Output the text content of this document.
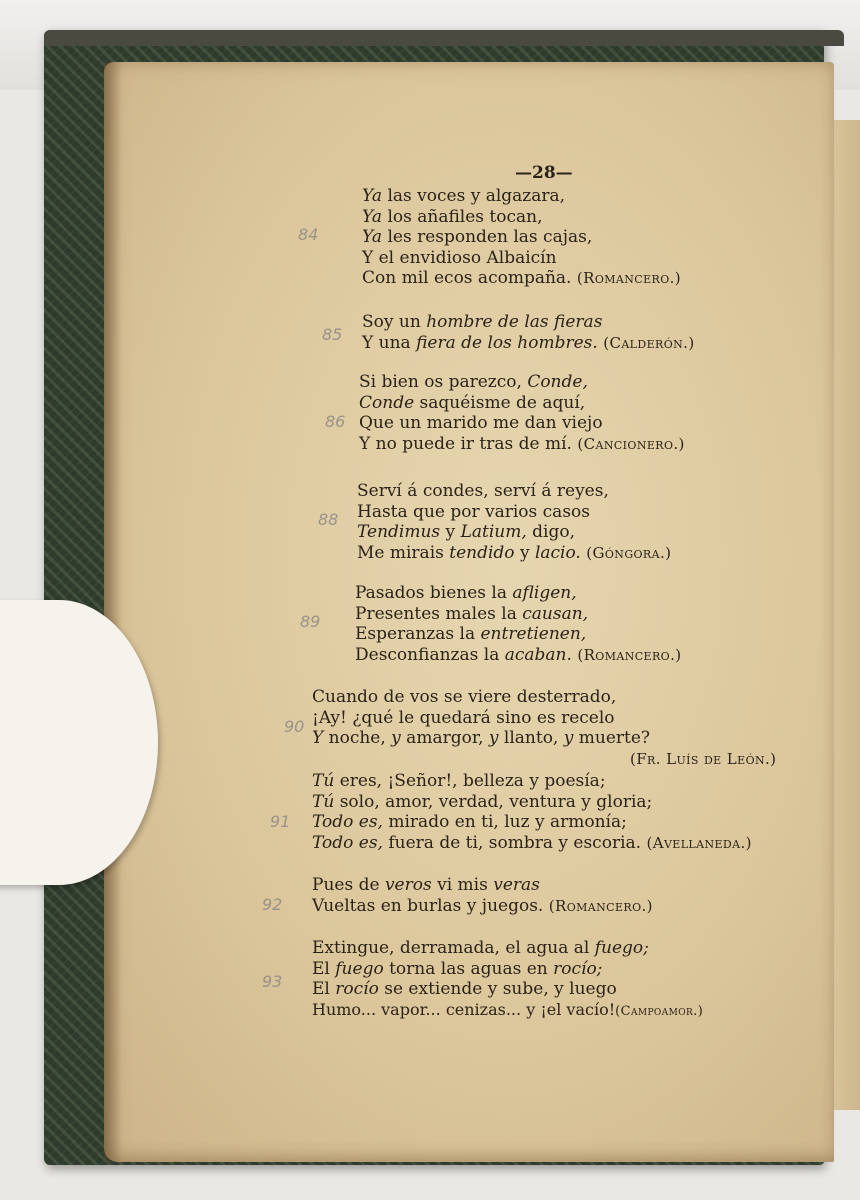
—28—
Ya las voces y algazara,
Ya los añafiles tocan,
Ya les responden las cajas,
Y el envidioso Albaicín
Con mil ecos acompaña. (Romancero.)
Soy un hombre de las fieras
Y una fiera de los hombres. (Calderón.)
Si bien os parezco, Conde,
Conde saquéisme de aquí,
Que un marido me dan viejo
Y no puede ir tras de mí. (Cancionero.)
Serví á condes, serví á reyes,
Hasta que por varios casos
Tendimus y Latium, digo,
Me mirais tendido y lacio. (Góngora.)
Pasados bienes la afligen,
Presentes males la causan,
Esperanzas la entretienen,
Desconfianzas la acaban. (Romancero.)
Cuando de vos se viere desterrado,
¡Ay! ¿qué le quedará sino es recelo
Y noche, y amargor, y llanto, y muerte?
(Fr. Luís de León.)
Tú eres, ¡Señor!, belleza y poesía;
Tú solo, amor, verdad, ventura y gloria;
Todo es, mirado en ti, luz y armonía;
Todo es, fuera de ti, sombra y escoria. (Avellaneda.)
Pues de veros vi mis veras
Vueltas en burlas y juegos. (Romancero.)
Extingue, derramada, el agua al fuego;
El fuego torna las aguas en rocío;
El rocío se extiende y sube, y luego
Humo... vapor... cenizas... y ¡el vacío!(Campoamor.)
84
85
86
88
89
90
91
92
93
